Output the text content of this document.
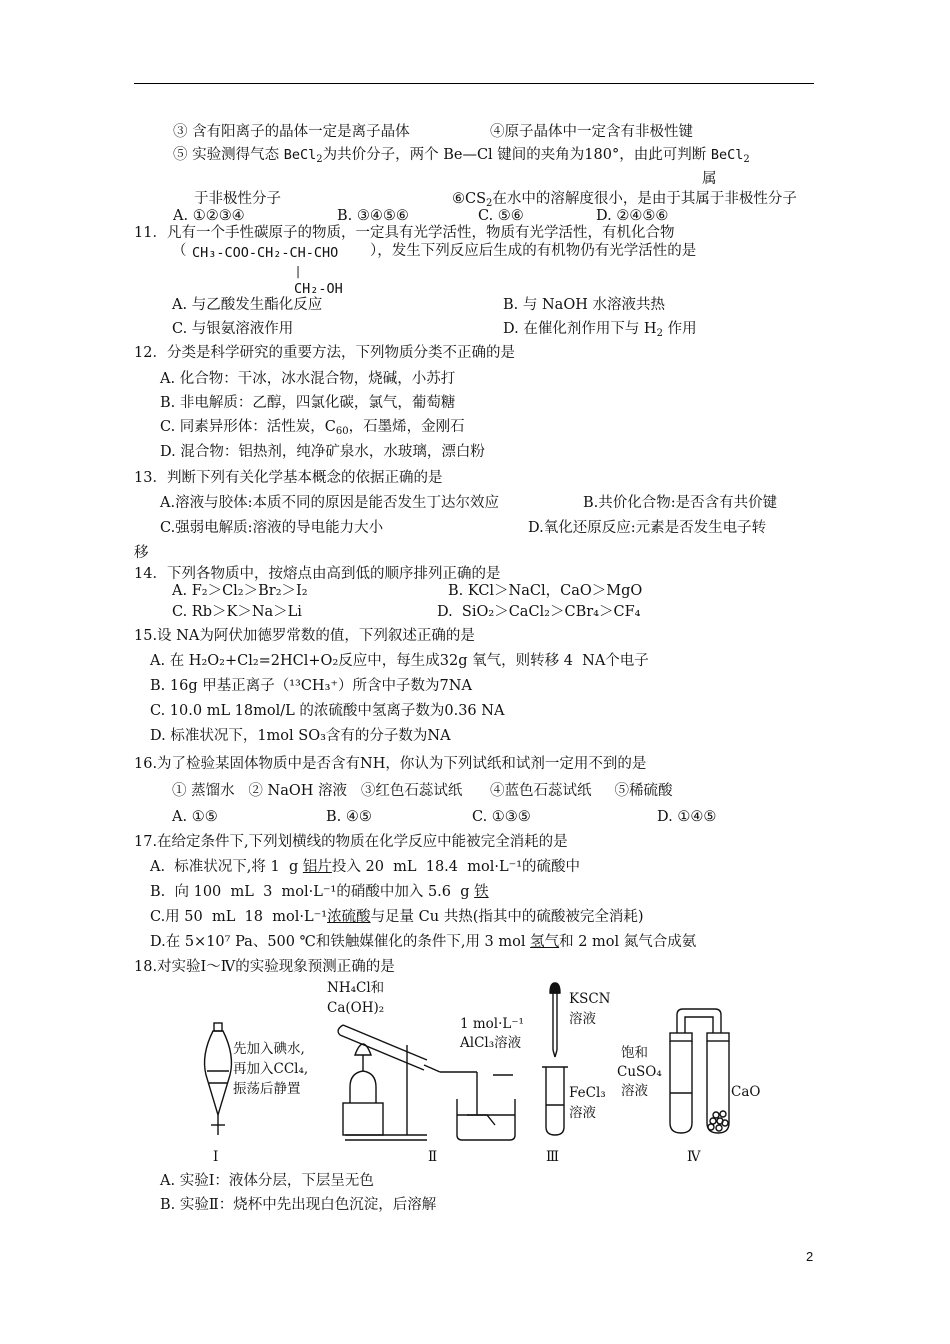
③ 含有阳离子的晶体一定是离子晶体	④原子晶体中一定含有非极性键
⑤ 实验测得气态 BeCl$_2$为共价分子，两个 Be—Cl 键间的夹角为180°，由此可判断 BeCl$_2$
属
于非极性分子	$⑥CS_2$在水中的溶解度很小，是由于其属于非极性分子
A. ①②③④	B. ③④⑤⑥	C. ⑤⑥	D. ②④⑤⑥
11．凡有一个手性碳原子的物质，一定具有光学活性，物质有光学活性，有机化合物
（ CH₃-COO-CH₂-CH-CHO
|
CH₂-OH
），发生下列反应后生成的有机物仍有光学活性的是
A. 与乙酸发生酯化反应	B. 与 NaOH 水溶液共热
C. 与银氨溶液作用	D. 在催化剂作用下与 $H_2$ 作用
12．分类是科学研究的重要方法，下列物质分类不正确的是
A. 化合物：干冰，冰水混合物，烧碱，小苏打
B. 非电解质：乙醇，四氯化碳，氯气，葡萄糖
C. 同素异形体：活性炭，$C_{60}$，石墨烯，金刚石
D. 混合物：铝热剂，纯净矿泉水，水玻璃，漂白粉
13．判断下列有关化学基本概念的依据正确的是
A.溶液与胶体:本质不同的原因是能否发生丁达尔效应	B.共价化合物:是否含有共价键
C.强弱电解质:溶液的导电能力大小	D.氧化还原反应:元素是否发生电子转
移
14．下列各物质中，按熔点由高到低的顺序排列正确的是
A. F₂＞Cl₂＞Br₂＞I₂	B. KCl＞NaCl，CaO＞MgO
C. Rb＞K＞Na＞Li	D.  SiO₂＞CaCl₂＞CBr₄＞CF₄
15.设 NA为阿伏加德罗常数的值，下列叙述正确的是
A. 在 H₂O₂+Cl₂=2HCl+O₂反应中，每生成32g 氧气，则转移 4  NA个电子
B. 16g 甲基正离子（¹³CH₃⁺）所含中子数为7NA
C. 10.0 mL 18mol/L 的浓硫酸中氢离子数为0.36 NA
D. 标准状况下，1mol SO₃含有的分子数为NA
16.为了检验某固体物质中是否含有NH，你认为下列试纸和试剂一定用不到的是
① 蒸馏水   ② NaOH 溶液   ③红色石蕊试纸      ④蓝色石蕊试纸     ⑤稀硫酸
A. ①⑤	B. ④⑤	C. ①③⑤	D. ①④⑤
17.在给定条件下,下列划横线的物质在化学反应中能被完全消耗的是
A.  标准状况下,将 1  g 铝片投入 20  mL  18.4  mol·L⁻¹的硫酸中
B.  向 100  mL  3  mol·L⁻¹的硝酸中加入 5.6  g 铁
C.用 50  mL  18  mol·L⁻¹浓硫酸与足量 Cu 共热(指其中的硫酸被完全消耗)
D.在 5×10⁷ Pa、500 ℃和铁触媒催化的条件下,用 3 mol 氢气和 2 mol 氮气合成氨
18.对实验Ⅰ～Ⅳ的实验现象预测正确的是
先加入碘水,
再加入CCl₄,
振荡后静置
NH₄Cl和
Ca(OH)₂
1 mol·L⁻¹
AlCl₃溶液
KSCN
溶液
FeCl₃
溶液
饱和
CuSO₄
溶液	CaO
Ⅰ	Ⅱ	Ⅲ	Ⅳ
A. 实验Ⅰ：液体分层，下层呈无色
B. 实验Ⅱ：烧杯中先出现白色沉淀，后溶解
2
